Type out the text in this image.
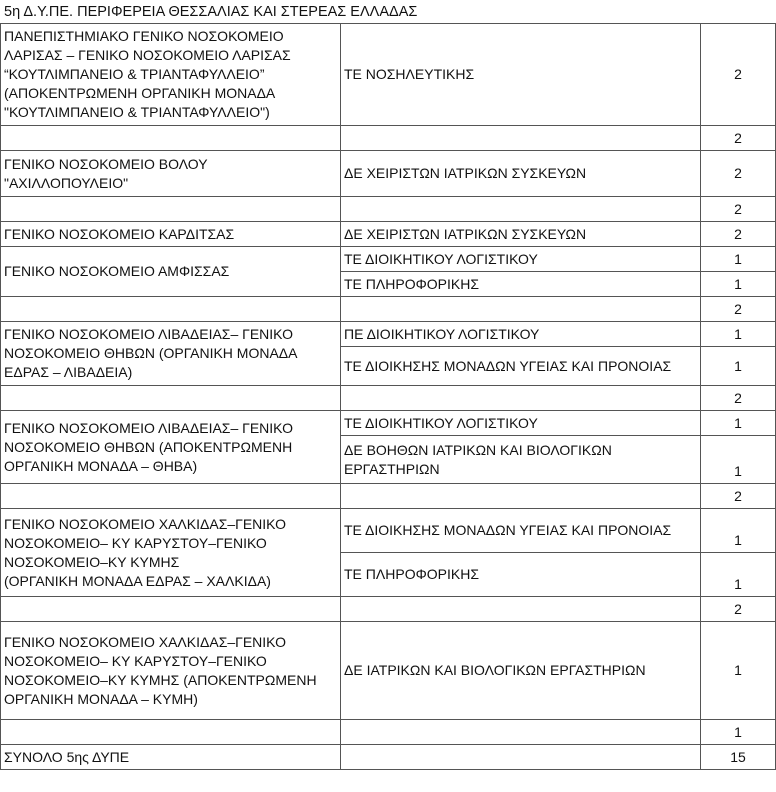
5η Δ.Υ.ΠΕ. ΠΕΡΙΦΕΡΕΙΑ ΘΕΣΣΑΛΙΑΣ ΚΑΙ ΣΤΕΡΕΑΣ ΕΛΛΑΔΑΣ
ΠΑΝΕΠΙΣΤΗΜΙΑΚΟ ΓΕΝΙΚΟ ΝΟΣΟΚΟΜΕΙΟ
ΛΑΡΙΣΑΣ – ΓΕΝΙΚΟ ΝΟΣΟΚΟΜΕΙΟ ΛΑΡΙΣΑΣ
“ΚΟΥΤΛΙΜΠΑΝΕΙΟ & ΤΡΙΑΝΤΑΦΥΛΛΕΙΟ”
(ΑΠΟΚΕΝΤΡΩΜΕΝΗ ΟΡΓΑΝΙΚΗ ΜΟΝΑΔΑ
"ΚΟΥΤΛΙΜΠΑΝΕΙΟ & ΤΡΙΑΝΤΑΦΥΛΛΕΙΟ")	ΤΕ ΝΟΣΗΛΕΥΤΙΚΗΣ	2
		2
ΓΕΝΙΚΟ ΝΟΣΟΚΟΜΕΙΟ ΒΟΛΟΥ
"ΑΧΙΛΛΟΠΟΥΛΕΙΟ"	ΔΕ ΧΕΙΡΙΣΤΩΝ ΙΑΤΡΙΚΩΝ ΣΥΣΚΕΥΩΝ	2
		2
ΓΕΝΙΚΟ ΝΟΣΟΚΟΜΕΙΟ ΚΑΡΔΙΤΣΑΣ	ΔΕ ΧΕΙΡΙΣΤΩΝ ΙΑΤΡΙΚΩΝ ΣΥΣΚΕΥΩΝ	2
ΓΕΝΙΚΟ ΝΟΣΟΚΟΜΕΙΟ ΑΜΦΙΣΣΑΣ	ΤΕ ΔΙΟΙΚΗΤΙΚΟΥ ΛΟΓΙΣΤΙΚΟΥ	1
	ΤΕ ΠΛΗΡΟΦΟΡΙΚΗΣ	1
		2
ΓΕΝΙΚΟ ΝΟΣΟΚΟΜΕΙΟ ΛΙΒΑΔΕΙΑΣ– ΓΕΝΙΚΟ
ΝΟΣΟΚΟΜΕΙΟ ΘΗΒΩΝ (ΟΡΓΑΝΙΚΗ ΜΟΝΑΔΑ
ΕΔΡΑΣ – ΛΙΒΑΔΕΙΑ)	ΠΕ ΔΙΟΙΚΗΤΙΚΟΥ ΛΟΓΙΣΤΙΚΟΥ	1
	ΤΕ ΔΙΟΙΚΗΣΗΣ ΜΟΝΑΔΩΝ ΥΓΕΙΑΣ ΚΑΙ ΠΡΟΝΟΙΑΣ	1
		2
ΓΕΝΙΚΟ ΝΟΣΟΚΟΜΕΙΟ ΛΙΒΑΔΕΙΑΣ– ΓΕΝΙΚΟ
ΝΟΣΟΚΟΜΕΙΟ ΘΗΒΩΝ (ΑΠΟΚΕΝΤΡΩΜΕΝΗ
ΟΡΓΑΝΙΚΗ ΜΟΝΑΔΑ – ΘΗΒΑ)	ΤΕ ΔΙΟΙΚΗΤΙΚΟΥ ΛΟΓΙΣΤΙΚΟΥ	1
	ΔΕ ΒΟΗΘΩΝ ΙΑΤΡΙΚΩΝ ΚΑΙ ΒΙΟΛΟΓΙΚΩΝ
ΕΡΓΑΣΤΗΡΙΩΝ	1
		2
ΓΕΝΙΚΟ ΝΟΣΟΚΟΜΕΙΟ ΧΑΛΚΙΔΑΣ–ΓΕΝΙΚΟ
ΝΟΣΟΚΟΜΕΙΟ– ΚΥ ΚΑΡΥΣΤΟΥ–ΓΕΝΙΚΟ
ΝΟΣΟΚΟΜΕΙΟ–ΚΥ ΚΥΜΗΣ
(ΟΡΓΑΝΙΚΗ ΜΟΝΑΔΑ ΕΔΡΑΣ – ΧΑΛΚΙΔΑ)	ΤΕ ΔΙΟΙΚΗΣΗΣ ΜΟΝΑΔΩΝ ΥΓΕΙΑΣ ΚΑΙ ΠΡΟΝΟΙΑΣ	1
	ΤΕ ΠΛΗΡΟΦΟΡΙΚΗΣ	1
		2
ΓΕΝΙΚΟ ΝΟΣΟΚΟΜΕΙΟ ΧΑΛΚΙΔΑΣ–ΓΕΝΙΚΟ
ΝΟΣΟΚΟΜΕΙΟ– ΚΥ ΚΑΡΥΣΤΟΥ–ΓΕΝΙΚΟ
ΝΟΣΟΚΟΜΕΙΟ–ΚΥ ΚΥΜΗΣ (ΑΠΟΚΕΝΤΡΩΜΕΝΗ
ΟΡΓΑΝΙΚΗ ΜΟΝΑΔΑ – ΚΥΜΗ)	ΔΕ ΙΑΤΡΙΚΩΝ ΚΑΙ ΒΙΟΛΟΓΙΚΩΝ ΕΡΓΑΣΤΗΡΙΩΝ	1
		1
ΣΥΝΟΛΟ 5ης ΔΥΠΕ		15
